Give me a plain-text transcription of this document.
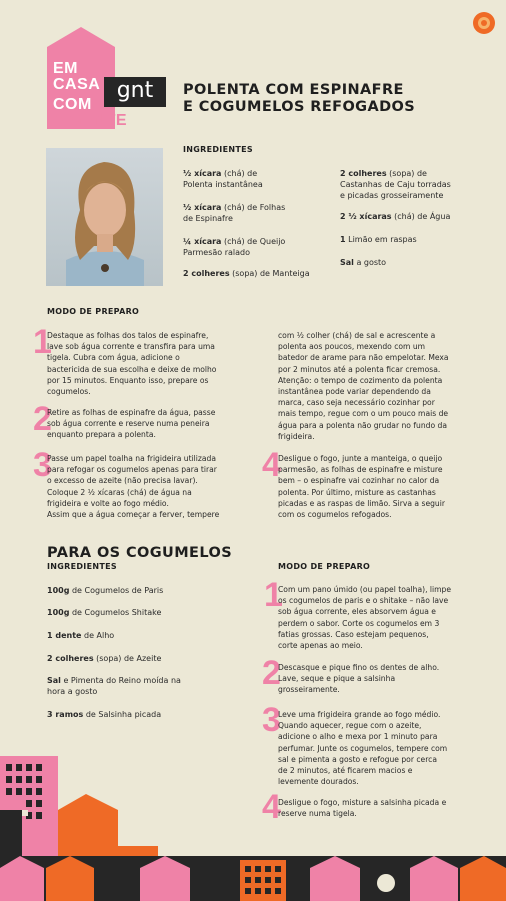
EM
CASA
COM
A GENTE
gnt	POLENTA COM ESPINAFRE
E COGUMELOS REFOGADOS
INGREDIENTES
½ xícara (chá) de
Polenta instantânea
½ xícara (chá) de Folhas
de Espinafre
¼ xícara (chá) de Queijo
Parmesão ralado
2 colheres (sopa) de Manteiga
2 colheres (sopa) de
Castanhas de Caju torradas
e picadas grosseiramente
2 ½ xícaras (chá) de Água
1 Limão em raspas
Sal a gosto
MODO DE PREPARO
1
Destaque as folhas dos talos de espinafre,
lave sob água corrente e transfira para uma
tigela. Cubra com água, adicione o
bactericida de sua escolha e deixe de molho
por 15 minutos. Enquanto isso, prepare os
cogumelos.
2
Retire as folhas de espinafre da água, passe
sob água corrente e reserve numa peneira
enquanto prepara a polenta.
3
Passe um papel toalha na frigideira utilizada
para refogar os cogumelos apenas para tirar
o excesso de azeite (não precisa lavar).
Coloque 2 ½ xícaras (chá) de água na
frigideira e volte ao fogo médio.
Assim que a água começar a ferver, tempere
com ½ colher (chá) de sal e acrescente a
polenta aos poucos, mexendo com um
batedor de arame para não empelotar. Mexa
por 2 minutos até a polenta ficar cremosa.
Atenção: o tempo de cozimento da polenta
instantânea pode variar dependendo da
marca, caso seja necessário cozinhar por
mais tempo, regue com o um pouco mais de
água para a polenta não grudar no fundo da
frigideira.
4
Desligue o fogo, junte a manteiga, o queijo
parmesão, as folhas de espinafre e misture
bem – o espinafre vai cozinhar no calor da
polenta. Por último, misture as castanhas
picadas e as raspas de limão. Sirva a seguir
com os cogumelos refogados.
PARA OS COGUMELOS
INGREDIENTES
100g de Cogumelos de Paris
100g de Cogumelos Shitake
1 dente de Alho
2 colheres (sopa) de Azeite
Sal e Pimenta do Reino moída na
hora a gosto
3 ramos de Salsinha picada
MODO DE PREPARO
1
Com um pano úmido (ou papel toalha), limpe
os cogumelos de paris e o shitake – não lave
sob água corrente, eles absorvem água e
perdem o sabor. Corte os cogumelos em 3
fatias grossas. Caso estejam pequenos,
corte apenas ao meio.
2
Descasque e pique fino os dentes de alho.
Lave, seque e pique a salsinha
grosseiramente.
3
Leve uma frigideira grande ao fogo médio.
Quando aquecer, regue com o azeite,
adicione o alho e mexa por 1 minuto para
perfumar. Junte os cogumelos, tempere com
sal e pimenta a gosto e refogue por cerca
de 2 minutos, até ficarem macios e
levemente dourados.
4
Desligue o fogo, misture a salsinha picada e
reserve numa tigela.
